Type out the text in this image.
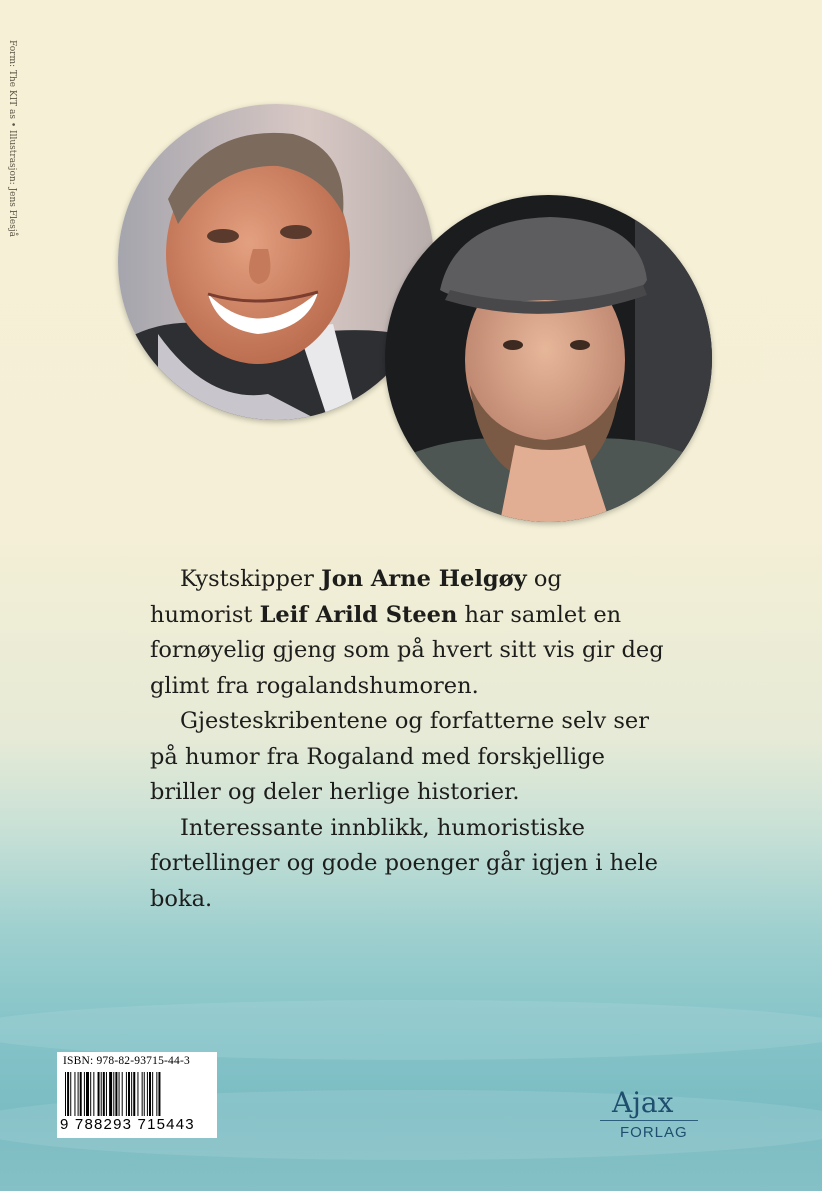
Form: The KIT as • Illustrasjon: Jens Flesjå

Kystskipper Jon Arne Helgøy og humorist Leif Arild Steen har samlet en fornøyelig gjeng som på hvert sitt vis gir deg glimt fra rogalandshumoren.

Gjesteskribentene og forfatterne selv ser på humor fra Rogaland med forskjellige briller og deler herlige historier.

Interessante innblikk, humoristiske fortellinger og gode poenger går igjen i hele boka.

ISBN: 978-82-93715-44-3
9 788293 715443
Ajax
FORLAG
